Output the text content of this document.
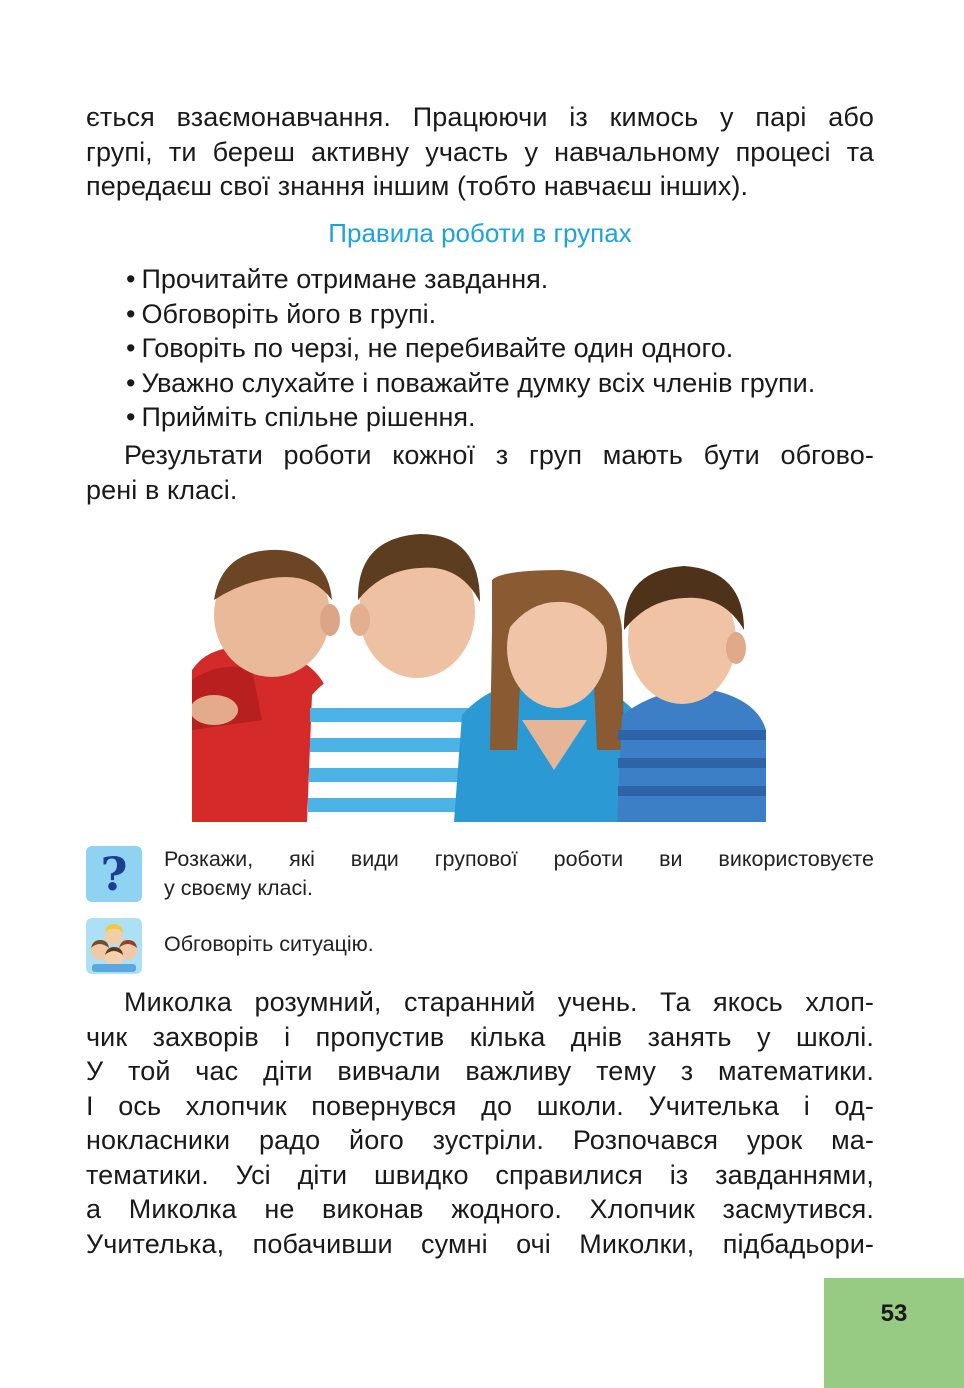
ється взаємонавчання. Працюючи із кимось у парі або
групі, ти береш активну участь у навчальному процесі та
передаєш свої знання іншим (тобто навчаєш інших).
Правила роботи в групах
• Прочитайте отримане завдання.
• Обговоріть його в групі.
• Говоріть по черзі, не перебивайте один одного.
• Уважно слухайте і поважайте думку всіх членів групи.
• Прийміть спільне рішення.
Результати роботи кожної з груп мають бути обгово-
рені в класі.
?	Розкажи, які види групової роботи ви використовуєте
у своєму класі.
Обговоріть ситуацію.
Миколка розумний, старанний учень. Та якось хлоп-
чик захворів і пропустив кілька днів занять у школі.
У той час діти вивчали важливу тему з математики.
І ось хлопчик повернувся до школи. Учителька і од-
нокласники радо його зустріли. Розпочався урок ма-
тематики. Усі діти швидко справилися із завданнями,
а Миколка не виконав жодного. Хлопчик засмутився.
Учителька, побачивши сумні очі Миколки, підбадьори-
53
